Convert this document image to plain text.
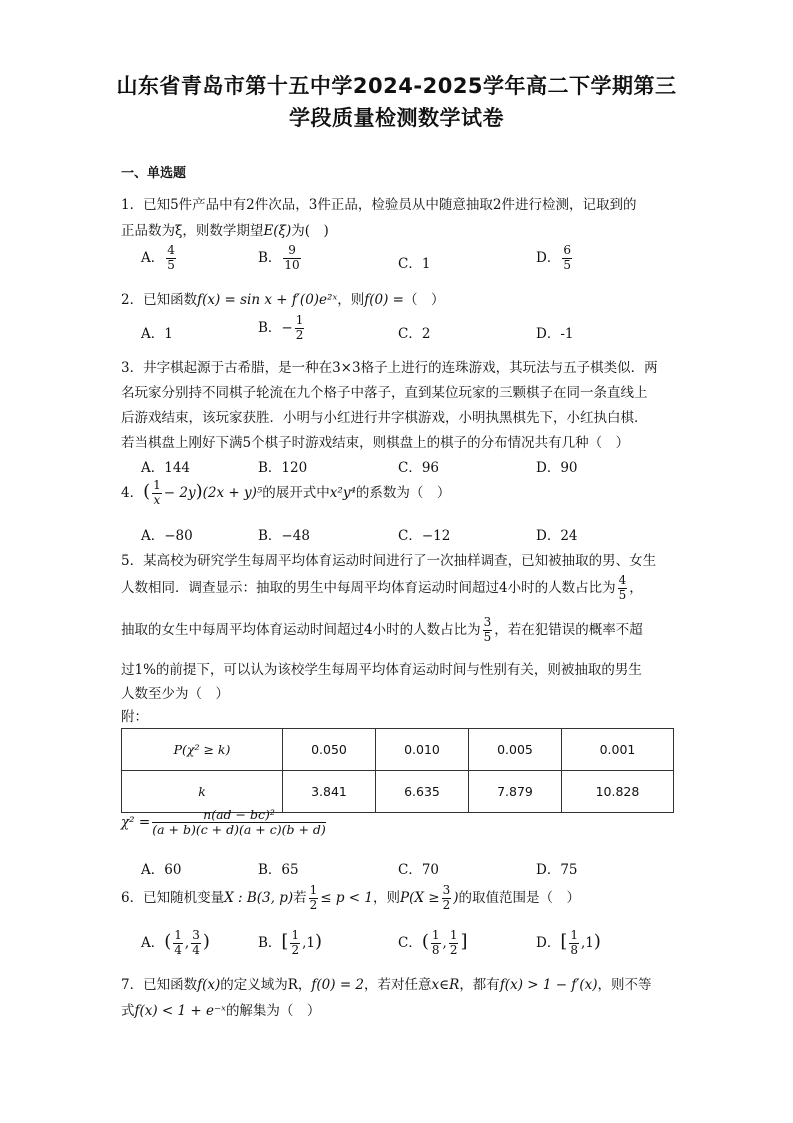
山东省青岛市第十五中学2024-2025学年高二下学期第三
学段质量检测数学试卷
一、单选题
1．已知5件产品中有2件次品，3件正品，检验员从中随意抽取2件进行检测，记取到的
正品数为ξ，则数学期望E(ξ)为(　)
A． $\frac{4}{5}$	B． $\frac{9}{10}$	C．1	D． $\frac{6}{5}$
2．已知函数f(x) = sin x + f′(0)e²ˣ，则f(0) =（　）
A．1	B．− $\frac{1}{2}$	C．2	D．-1
3．井字棋起源于古希腊，是一种在3×3格子上进行的连珠游戏，其玩法与五子棋类似．两
名玩家分别持不同棋子轮流在九个格子中落子，直到某位玩家的三颗棋子在同一条直线上
后游戏结束，该玩家获胜．小明与小红进行井字棋游戏，小明执黑棋先下，小红执白棋．
若当棋盘上刚好下满5个棋子时游戏结束，则棋盘上的棋子的分布情况共有几种（　）
A．144	B．120	C．96	D．90
4．( $\frac{1}{x} - 2y)(2x + y)^5$的展开式中x²y⁴的系数为（　）
A．−80	B．−48	C．−12	D．24
5．某高校为研究学生每周平均体育运动时间进行了一次抽样调查，已知被抽取的男、女生
人数相同．调查显示：抽取的男生中每周平均体育运动时间超过4小时的人数占比为 $\frac{4}{5}$ ，
抽取的女生中每周平均体育运动时间超过4小时的人数占比为 $\frac{3}{5}$ ，若在犯错误的概率不超
过1%的前提下，可以认为该校学生每周平均体育运动时间与性别有关，则被抽取的男生
人数至少为（　）
附：
P(χ² ≥ k)	0.050	0.010	0.005	0.001
k	3.841	6.635	7.879	10.828
$\chi^2 = \frac{\text{n(ad − bc)²}}{(a + b)(c + d)(a + c)(b + d)}$
A．60	B．65	C．70	D．75
6．已知随机变量X : B(3, p)若 $\frac{1}{2} \le p < 1$，则$P(X \ge \frac{3}{2}$ )的取值范围是（　）
A．( $\frac{1}{4}$ , $\frac{3}{4}$ )	B．[ $\frac{1}{2} ,1$)	C．( $\frac{1}{8}$ , $\frac{1}{2}$ ]	D．[ $\frac{1}{8} ,1$)
7．已知函数f(x)的定义域为R，f(0) = 2，若对任意x∈R，都有f(x) > 1 − f′(x)，则不等
式f(x) < 1 + e⁻ˣ的解集为（　）
